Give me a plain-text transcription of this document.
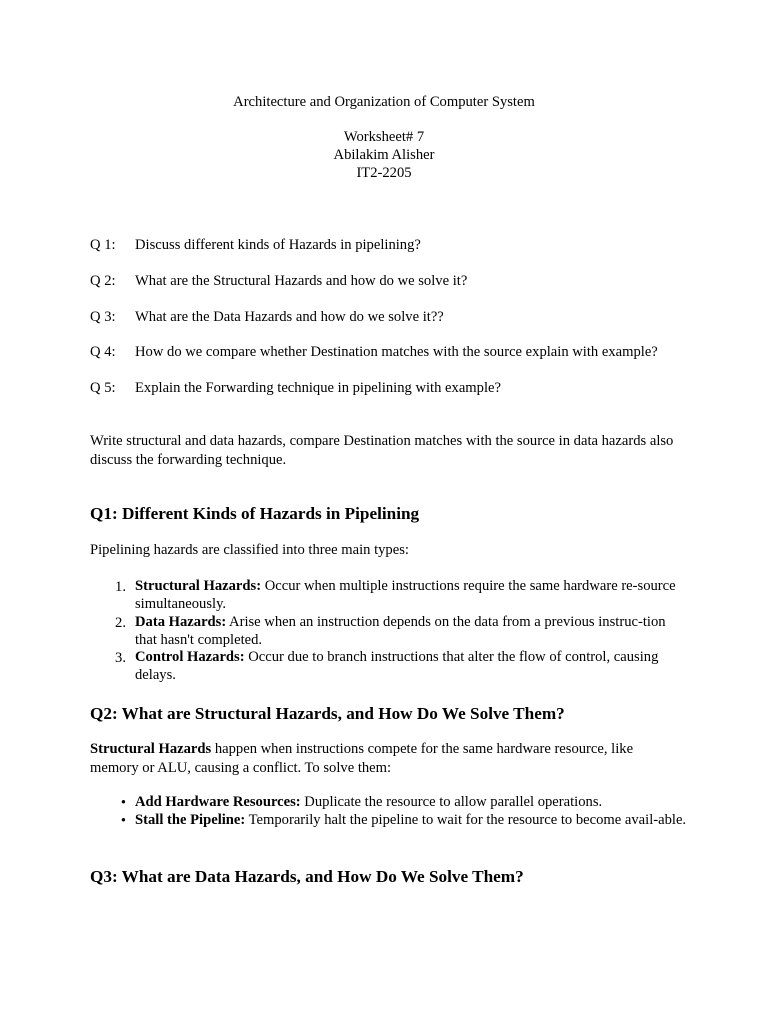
Architecture and Organization of Computer System
Worksheet# 7
Abilakim Alisher
IT2-2205
Q 1: Discuss different kinds of Hazards in pipelining?
Q 2: What are the Structural Hazards and how do we solve it?
Q 3: What are the Data Hazards and how do we solve it??
Q 4: How do we compare whether Destination matches with the source explain with example?
Q 5: Explain the Forwarding technique in pipelining with example?
Write structural and data hazards, compare Destination matches with the source in data hazards also discuss the forwarding technique.
Q1: Different Kinds of Hazards in Pipelining
Pipelining hazards are classified into three main types:
1. Structural Hazards: Occur when multiple instructions require the same hardware re-source simultaneously.
2. Data Hazards: Arise when an instruction depends on the data from a previous instruc-tion that hasn't completed.
3. Control Hazards: Occur due to branch instructions that alter the flow of control, causing delays.
Q2: What are Structural Hazards, and How Do We Solve Them?
Structural Hazards happen when instructions compete for the same hardware resource, like memory or ALU, causing a conflict. To solve them:
• Add Hardware Resources: Duplicate the resource to allow parallel operations.
• Stall the Pipeline: Temporarily halt the pipeline to wait for the resource to become avail-able.
Q3: What are Data Hazards, and How Do We Solve Them?
